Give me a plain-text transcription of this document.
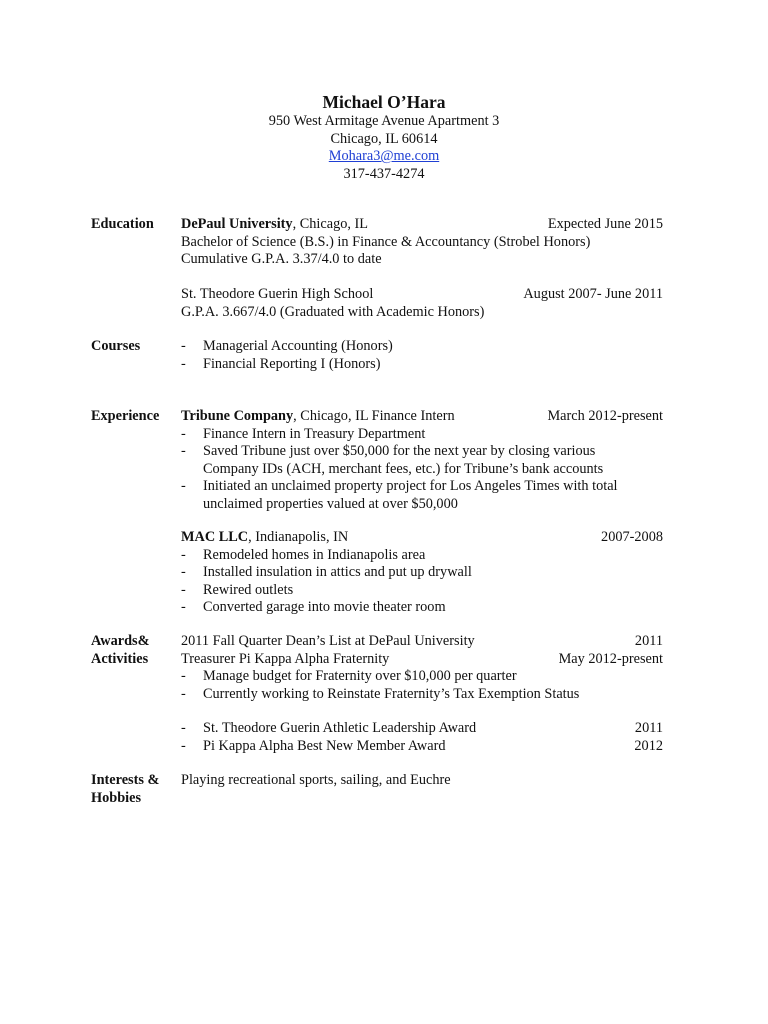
Michael O’Hara
950 West Armitage Avenue Apartment 3
Chicago, IL 60614
Mohara3@me.com
317-437-4274
Education DePaul University, Chicago, IL	Expected June 2015
Bachelor of Science (B.S.) in Finance & Accountancy (Strobel Honors)
Cumulative G.P.A. 3.37/4.0 to date
St. Theodore Guerin High School	August 2007- June 2011
G.P.A. 3.667/4.0 (Graduated with Academic Honors)
Courses	-	Managerial Accounting (Honors)
-	Financial Reporting I (Honors)
Experience Tribune Company, Chicago, IL Finance Intern	March 2012-present
-	Finance Intern in Treasury Department
-	Saved Tribune just over $50,000 for the next year by closing various
Company IDs (ACH, merchant fees, etc.) for Tribune’s bank accounts
-	Initiated an unclaimed property project for Los Angeles Times with total
unclaimed properties valued at over $50,000
MAC LLC, Indianapolis, IN	2007-2008
-	Remodeled homes in Indianapolis area
-	Installed insulation in attics and put up drywall
-	Rewired outlets
-	Converted garage into movie theater room
Awards&
Activities
2011 Fall Quarter Dean’s List at DePaul University	2011
Treasurer Pi Kappa Alpha Fraternity	May 2012-present
-	Manage budget for Fraternity over $10,000 per quarter
-	Currently working to Reinstate Fraternity’s Tax Exemption Status
-	St. Theodore Guerin Athletic Leadership Award	2011
-	Pi Kappa Alpha Best New Member Award	2012
Interests &
Hobbies
Playing recreational sports, sailing, and Euchre
